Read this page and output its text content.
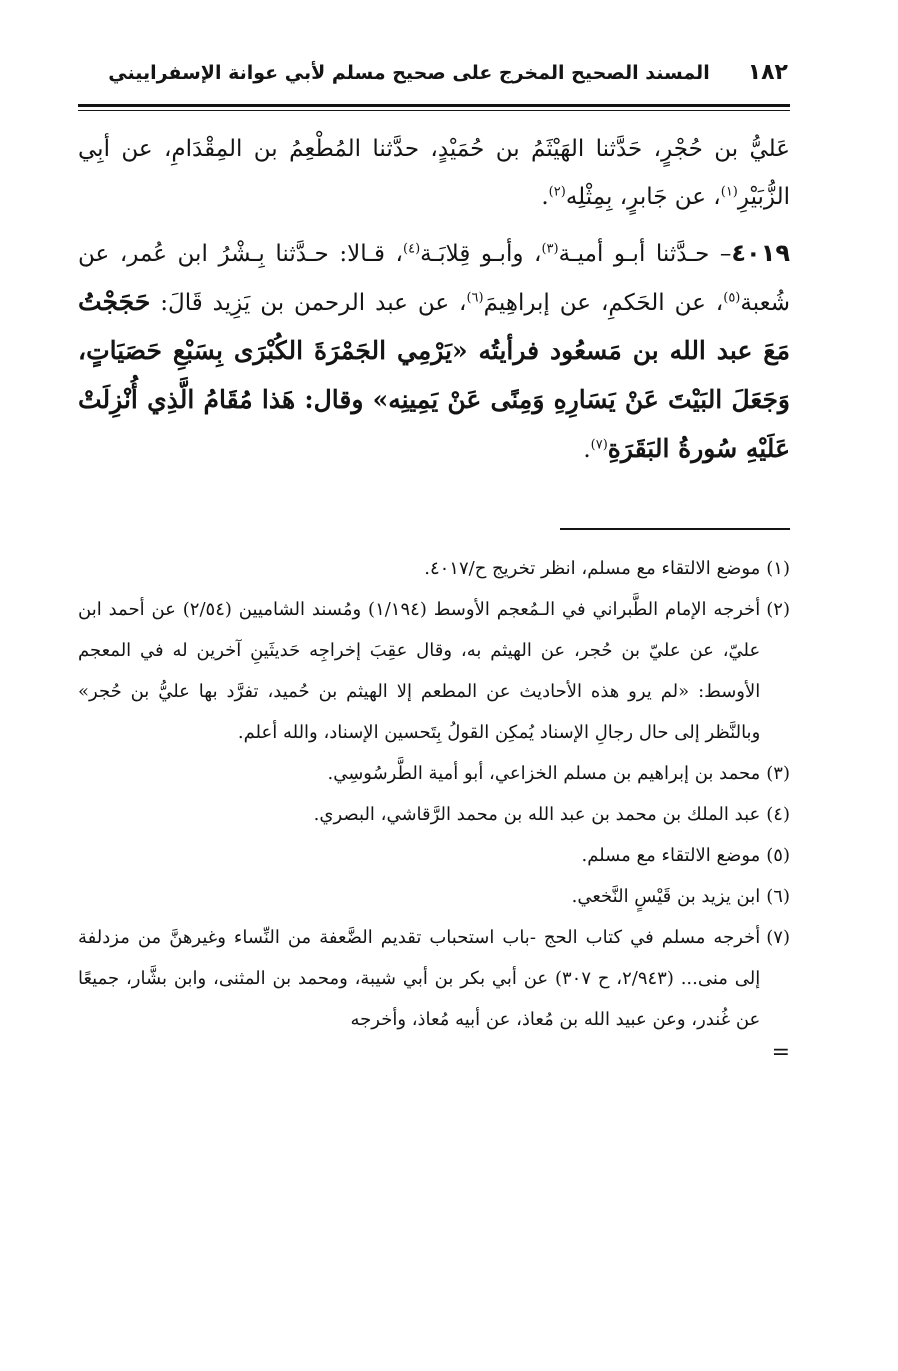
١٨٢
المسند الصحيح المخرج على صحيح مسلم لأبي عوانة الإسفراييني

عَليُّ بن حُجْرٍ، حَدَّثنا الهَيْثَمُ بن حُمَيْدٍ، حدَّثنا المُطْعِمُ بن المِقْدَامِ، عن أبِي الزُّبَيْرِ$^{(١)}$، عن جَابرٍ، بِمِثْلِه$^{(٢)}$.

٤٠١٩– حـدَّثنا أبـو أميـة$^{(٣)}$، وأبـو قِلابَـة$^{(٤)}$، قـالا: حـدَّثنا بِـشْرُ ابن عُمر، عن شُعبة$^{(٥)}$، عن الحَكمِ، عن إبراهِيمَ$^{(٦)}$، عن عبد الرحمن بن يَزِيد قَالَ: حَجَجْتُ مَعَ عبد الله بن مَسعُود فرأيتُه «يَرْمِي الجَمْرَةَ الكُبْرَى بِسَبْعِ حَصَيَاتٍ، وَجَعَلَ البَيْتَ عَنْ يَسَارِهِ وَمِنًى عَنْ يَمِينِه» وقال: هَذا مُقَامُ الَّذِي أُنْزِلَتْ عَلَيْهِ سُورةُ البَقَرَةِ$^{(٧)}$.

(١)
موضع الالتقاء مع مسلم، انظر تخريج ح/٤٠١٧.
(٢)
أخرجه الإمام الطَّبراني في الـمُعجم الأوسط (١/١٩٤) ومُسند الشاميين (٢/٥٤) عن أحمد ابن عليّ، عن عليّ بن حُجر، عن الهيثم به، وقال عقِبَ إخراجِه حَديثَينِ آخرين له في المعجم الأوسط: «لم يرو هذه الأحاديث عن المطعم إلا الهيثم بن حُميد، تفرَّد بها عليُّ بن حُجر» وبالنَّظر إلى حال رجالِ الإسناد يُمكِن القولُ بِتَحسين الإسناد، والله أعلم.
(٣)
محمد بن إبراهيم بن مسلم الخزاعي، أبو أمية الطَّرسُوسِي.
(٤)
عبد الملك بن محمد بن عبد الله بن محمد الرَّقاشي، البصري.
(٥)
موضع الالتقاء مع مسلم.
(٦)
ابن يزيد بن قَيْسٍ النَّخعي.
(٧)
أخرجه مسلم في كتاب الحج -باب استحباب تقديم الضَّعفة من النِّساء وغيرهنَّ من مزدلفة إلى منى... (٢/٩٤٣، ح ٣٠٧) عن أبي بكر بن أبي شيبة، ومحمد بن المثنى، وابن بشَّار، جميعًا عن غُندر، وعن عبيد الله بن مُعاذ، عن أبيه مُعاذ، وأخرجه
=
